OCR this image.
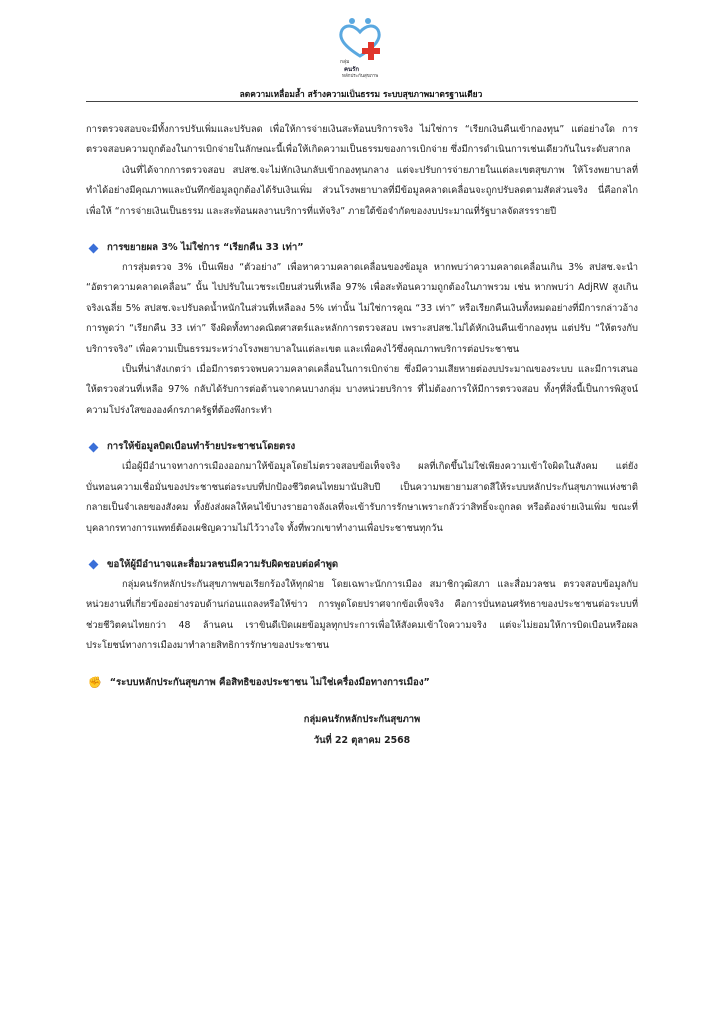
กลุ่ม
คนรัก
หลักประกันสุขภาพ
ลดความเหลื่อมล้ำ สร้างความเป็นธรรม ระบบสุขภาพมาตรฐานเดียว

การตรวจสอบจะมีทั้งการปรับเพิ่มและปรับลด เพื่อให้การจ่ายเงินสะท้อนบริการจริง ไม่ใช่การ “เรียกเงินคืนเข้ากองทุน” แต่อย่างใด การตรวจสอบความถูกต้องในการเบิกจ่ายในลักษณะนี้เพื่อให้เกิดความเป็นธรรมของการเบิกจ่าย ซึ่งมีการดำเนินการเช่นเดียวกันในระดับสากล

เงินที่ได้จากการตรวจสอบ สปสช.จะไม่หักเงินกลับเข้ากองทุนกลาง แต่จะปรับการจ่ายภายในแต่ละเขตสุขภาพ ให้โรงพยาบาลที่ทำได้อย่างมีคุณภาพและบันทึกข้อมูลถูกต้องได้รับเงินเพิ่ม ส่วนโรงพยาบาลที่มีข้อมูลคลาดเคลื่อนจะถูกปรับลดตามสัดส่วนจริง นี่คือกลไกเพื่อให้ “การจ่ายเงินเป็นธรรม และสะท้อนผลงานบริการที่แท้จริง” ภายใต้ข้อจำกัดของงบประมาณที่รัฐบาลจัดสรรรายปี

การขยายผล 3% ไม่ใช่การ “เรียกคืน 33 เท่า”

การสุ่มตรวจ 3% เป็นเพียง “ตัวอย่าง” เพื่อหาความคลาดเคลื่อนของข้อมูล หากพบว่าความคลาดเคลื่อนเกิน 3% สปสช.จะนำ “อัตราความคลาดเคลื่อน” นั้น ไปปรับในเวชระเบียนส่วนที่เหลือ 97% เพื่อสะท้อนความถูกต้องในภาพรวม เช่น หากพบว่า AdjRW สูงเกินจริงเฉลี่ย 5% สปสช.จะปรับลดน้ำหนักในส่วนที่เหลือลง 5% เท่านั้น ไม่ใช่การคูณ “33 เท่า” หรือเรียกคืนเงินทั้งหมดอย่างที่มีการกล่าวอ้าง การพูดว่า “เรียกคืน 33 เท่า” จึงผิดทั้งทางคณิตศาสตร์และหลักการตรวจสอบ เพราะสปสช.ไม่ได้หักเงินคืนเข้ากองทุน แต่ปรับ “ให้ตรงกับบริการจริง” เพื่อความเป็นธรรมระหว่างโรงพยาบาลในแต่ละเขต และเพื่อคงไว้ซึ่งคุณภาพบริการต่อประชาชน

เป็นที่น่าสังเกตว่า เมื่อมีการตรวจพบความคลาดเคลื่อนในการเบิกจ่าย ซึ่งมีความเสียหายต่องบประมาณของระบบ และมีการเสนอให้ตรวจส่วนที่เหลือ 97% กลับได้รับการต่อต้านจากคนบางกลุ่ม บางหน่วยบริการ ที่ไม่ต้องการให้มีการตรวจสอบ ทั้งๆที่สิ่งนี้เป็นการพิสูจน์ความโปร่งใสขององค์กรภาครัฐที่ต้องพึงกระทำ

การให้ข้อมูลบิดเบือนทำร้ายประชาชนโดยตรง

เมื่อผู้มีอำนาจทางการเมืองออกมาให้ข้อมูลโดยไม่ตรวจสอบข้อเท็จจริง ผลที่เกิดขึ้นไม่ใช่เพียงความเข้าใจผิดในสังคม แต่ยังบั่นทอนความเชื่อมั่นของประชาชนต่อระบบที่ปกป้องชีวิตคนไทยมานับสิบปี เป็นความพยายามสาดสีให้ระบบหลักประกันสุขภาพแห่งชาติกลายเป็นจำเลยของสังคม ทั้งยังส่งผลให้คนไข้บางรายอาจลังเลที่จะเข้ารับการรักษาเพราะกลัวว่าสิทธิ์จะถูกลด หรือต้องจ่ายเงินเพิ่ม ขณะที่บุคลากรทางการแพทย์ต้องเผชิญความไม่ไว้วางใจ ทั้งที่พวกเขาทำงานเพื่อประชาชนทุกวัน

ขอให้ผู้มีอำนาจและสื่อมวลชนมีความรับผิดชอบต่อคำพูด

กลุ่มคนรักหลักประกันสุขภาพขอเรียกร้องให้ทุกฝ่าย โดยเฉพาะนักการเมือง สมาชิกวุฒิสภา และสื่อมวลชน ตรวจสอบข้อมูลกับหน่วยงานที่เกี่ยวข้องอย่างรอบด้านก่อนแถลงหรือให้ข่าว การพูดโดยปราศจากข้อเท็จจริง คือการบั่นทอนศรัทธาของประชาชนต่อระบบที่ช่วยชีวิตคนไทยกว่า 48 ล้านคน เราขินดีเปิดเผยข้อมูลทุกประการเพื่อให้สังคมเข้าใจความจริง แต่จะไม่ยอมให้การบิดเบือนหรือผลประโยชน์ทางการเมืองมาทำลายสิทธิการรักษาของประชาชน

✊ “ระบบหลักประกันสุขภาพ คือสิทธิของประชาชน ไม่ใช่เครื่องมือทางการเมือง”

กลุ่มคนรักหลักประกันสุขภาพ

วันที่ 22 ตุลาคม 2568
